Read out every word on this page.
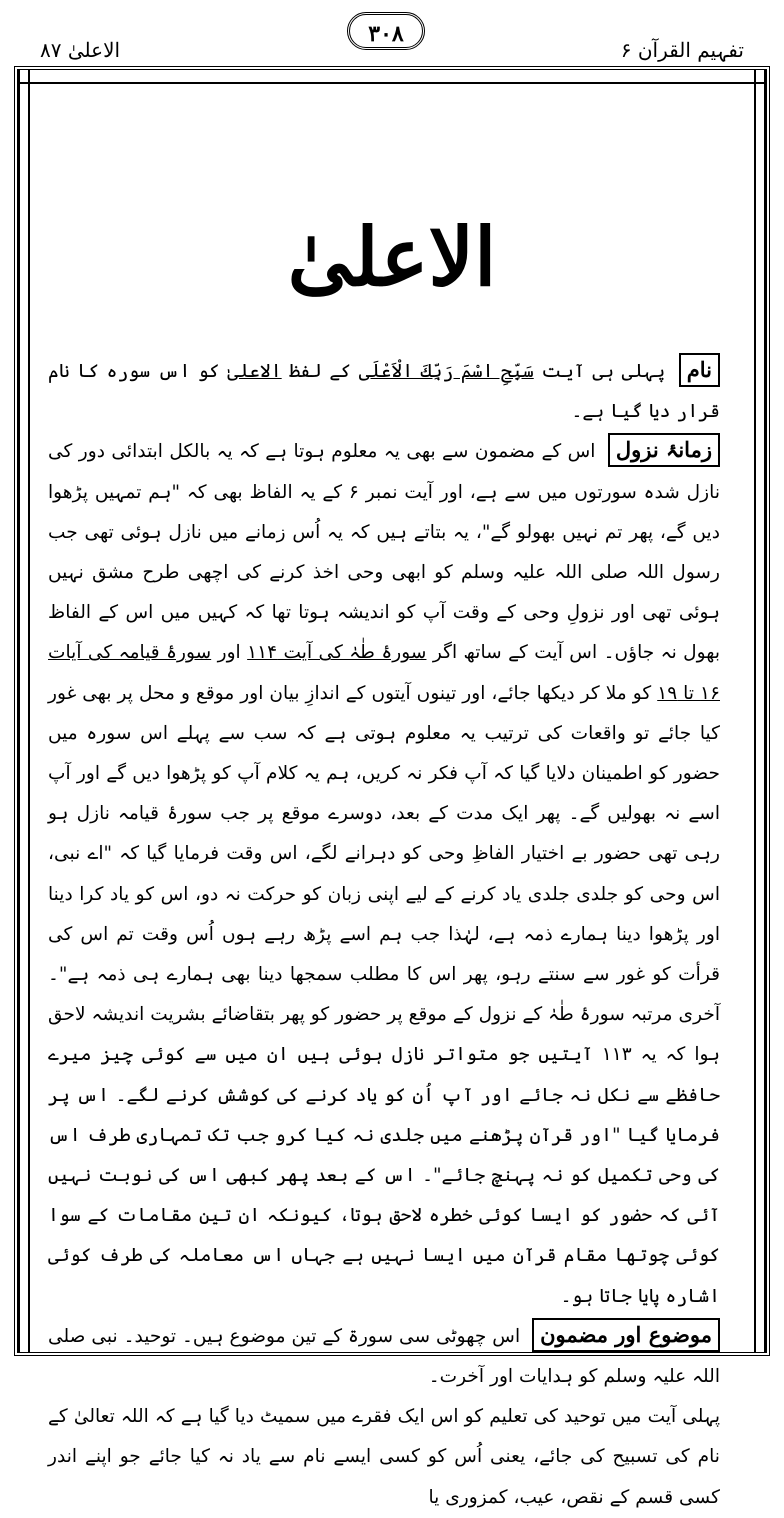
الاعلیٰ ۸۷
۳۰۸
تفہیم القرآن ۶
الاعلیٰ

نام پہلی ہی آیت سَبِّحِ اسْمَ رَبِّكَ الْاَعْلَى کے لفظ الاعلیٰ کو اس سورہ کا نام قرار دیا گیا ہے۔

زمانۂ نزول اس کے مضمون سے بھی یہ معلوم ہوتا ہے کہ یہ بالکل ابتدائی دور کی نازل شدہ سورتوں میں سے ہے، اور آیت نمبر ۶ کے یہ الفاظ بھی کہ "ہم تمہیں پڑھوا دیں گے، پھر تم نہیں بھولو گے"، یہ بتاتے ہیں کہ یہ اُس زمانے میں نازل ہوئی تھی جب رسول اللہ صلی اللہ علیہ وسلم کو ابھی وحی اخذ کرنے کی اچھی طرح مشق نہیں ہوئی تھی اور نزولِ وحی کے وقت آپ کو اندیشہ ہوتا تھا کہ کہیں میں اس کے الفاظ بھول نہ جاؤں۔ اس آیت کے ساتھ اگر سورۂ طٰہٰ کی آیت ۱۱۴ اور سورۂ قیامہ کی آیات ۱۶ تا ۱۹ کو ملا کر دیکھا جائے، اور تینوں آیتوں کے اندازِ بیان اور موقع و محل پر بھی غور کیا جائے تو واقعات کی ترتیب یہ معلوم ہوتی ہے کہ سب سے پہلے اس سورہ میں حضور کو اطمینان دلایا گیا کہ آپ فکر نہ کریں، ہم یہ کلام آپ کو پڑھوا دیں گے اور آپ اسے نہ بھولیں گے۔ پھر ایک مدت کے بعد، دوسرے موقع پر جب سورۂ قیامہ نازل ہو رہی تھی حضور بے اختیار الفاظِ وحی کو دہرانے لگے، اس وقت فرمایا گیا کہ "اے نبی، اس وحی کو جلدی جلدی یاد کرنے کے لیے اپنی زبان کو حرکت نہ دو، اس کو یاد کرا دینا اور پڑھوا دینا ہمارے ذمہ ہے، لہٰذا جب ہم اسے پڑھ رہے ہوں اُس وقت تم اس کی قرأت کو غور سے سنتے رہو، پھر اس کا مطلب سمجھا دینا بھی ہمارے ہی ذمہ ہے"۔ آخری مرتبہ سورۂ طٰہٰ کے نزول کے موقع پر حضور کو پھر بتقاضائے بشریت اندیشہ لاحق ہوا کہ یہ ۱۱۳ آیتیں جو متواتر نازل ہوئی ہیں ان میں سے کوئی چیز میرے حافظے سے نکل نہ جائے اور آپ اُن کو یاد کرنے کی کوشش کرنے لگے۔ اس پر فرمایا گیا "اور قرآن پڑھنے میں جلدی نہ کیا کرو جب تک تمہاری طرف اس کی وحی تکمیل کو نہ پہنچ جائے"۔ اس کے بعد پھر کبھی اس کی نوبت نہیں آئی کہ حضور کو ایسا کوئی خطرہ لاحق ہوتا، کیونکہ ان تین مقامات کے سوا کوئی چوتھا مقام قرآن میں ایسا نہیں ہے جہاں اس معاملہ کی طرف کوئی اشارہ پایا جاتا ہو۔

موضوع اور مضمون اس چھوٹی سی سورۃ کے تین موضوع ہیں۔ توحید۔ نبی صلی اللہ علیہ وسلم کو ہدایات اور آخرت۔

پہلی آیت میں توحید کی تعلیم کو اس ایک فقرے میں سمیٹ دیا گیا ہے کہ اللہ تعالیٰ کے نام کی تسبیح کی جائے، یعنی اُس کو کسی ایسے نام سے یاد نہ کیا جائے جو اپنے اندر کسی قسم کے نقص، عیب، کمزوری یا
